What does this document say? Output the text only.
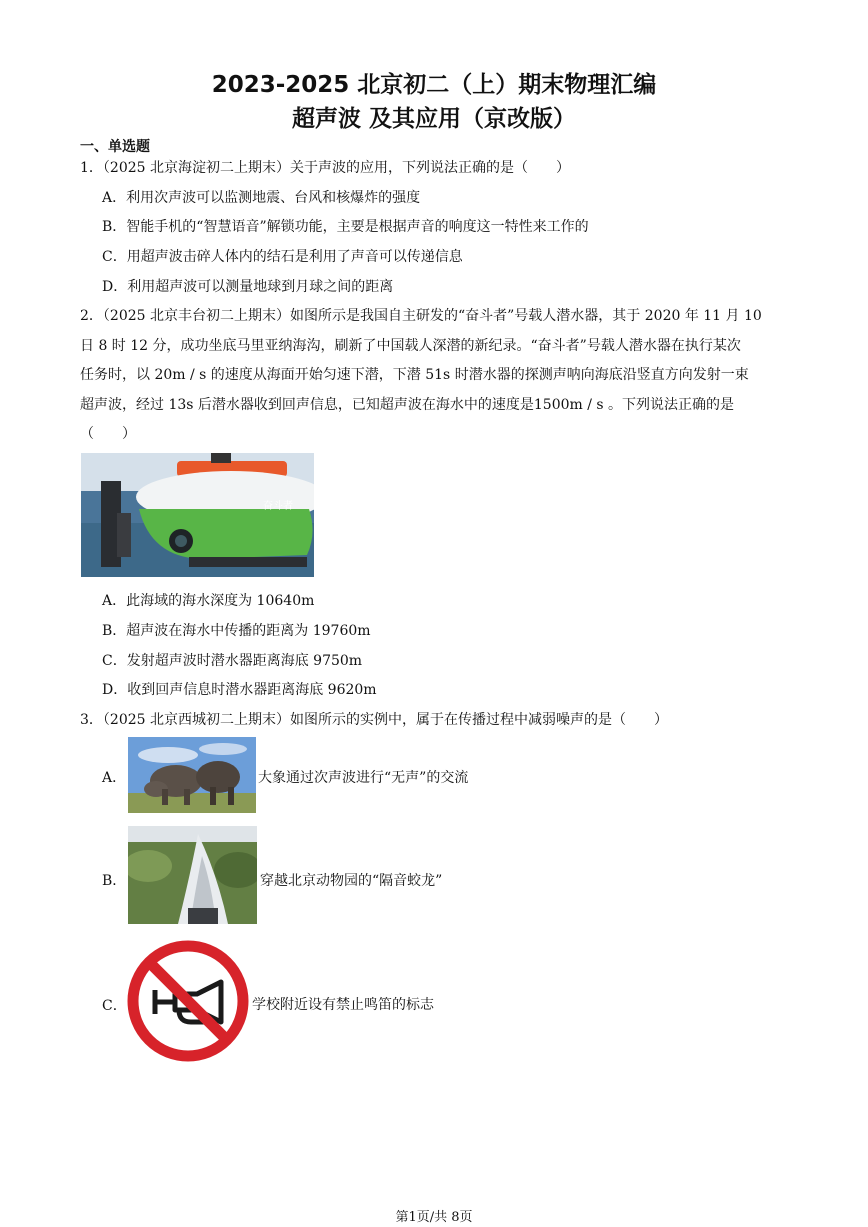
2023-2025 北京初二（上）期末物理汇编
超声波 及其应用（京改版）
一、单选题
1．（2025 北京海淀初二上期末）关于声波的应用，下列说法正确的是（　　）
A．利用次声波可以监测地震、台风和核爆炸的强度
B．智能手机的“智慧语音”解锁功能，主要是根据声音的响度这一特性来工作的
C．用超声波击碎人体内的结石是利用了声音可以传递信息
D．利用超声波可以测量地球到月球之间的距离
2．（2025 北京丰台初二上期末）如图所示是我国自主研发的“奋斗者”号载人潜水器，其于 2020 年 11 月 10
日 8 时 12 分，成功坐底马里亚纳海沟，刷新了中国载人深潜的新纪录。“奋斗者”号载人潜水器在执行某次
任务时，以 20m / s 的速度从海面开始匀速下潜，下潜 51s 时潜水器的探测声呐向海底沿竖直方向发射一束
超声波，经过 13s 后潜水器收到回声信息，已知超声波在海水中的速度是1500m / s 。下列说法正确的是
（　　）
奋斗者
A．此海域的海水深度为 10640m
B．超声波在海水中传播的距离为 19760m
C．发射超声波时潜水器距离海底 9750m
D．收到回声信息时潜水器距离海底 9620m
3．（2025 北京西城初二上期末）如图所示的实例中，属于在传播过程中减弱噪声的是（　　）
A．	大象通过次声波进行“无声”的交流
B．	穿越北京动物园的“隔音蛟龙”
C．	学校附近设有禁止鸣笛的标志
第1页/共 8页
